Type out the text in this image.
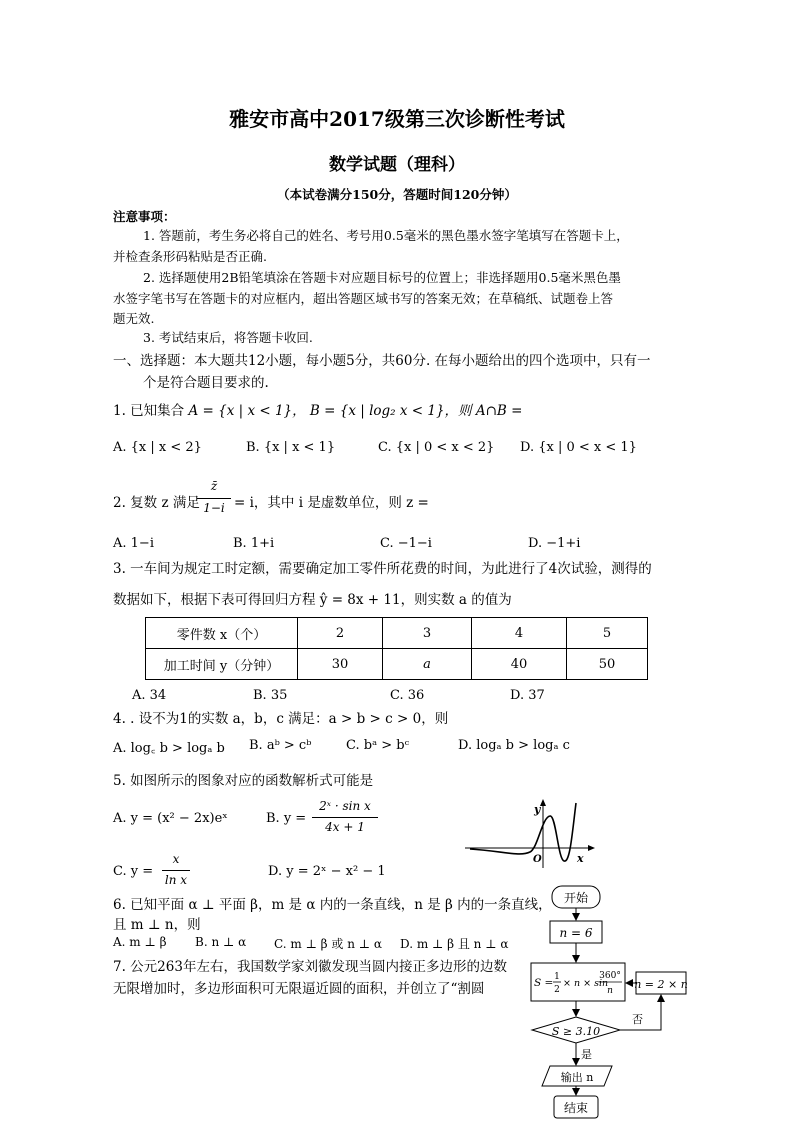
雅安市高中2017级第三次诊断性考试
数学试题（理科）
（本试卷满分150分，答题时间120分钟）
注意事项：
1. 答题前，考生务必将自己的姓名、考号用0.5毫米的黑色墨水签字笔填写在答题卡上，
并检查条形码粘贴是否正确.
2. 选择题使用2B铅笔填涂在答题卡对应题目标号的位置上；非选择题用0.5毫米黑色墨
水签字笔书写在答题卡的对应框内，超出答题区域书写的答案无效；在草稿纸、试题卷上答
题无效.
3. 考试结束后，将答题卡收回.
一、选择题：本大题共12小题，每小题5分，共60分. 在每小题给出的四个选项中，只有一
个是符合题目要求的.
1. 已知集合 A = {x | x < 1}， B = {x | log₂ x < 1}，则 A∩B =
A. {x | x < 2}	B. {x | x < 1}	C. {x | 0 < x < 2} D. {x | 0 < x < 1}
2. 复数 z 满足
z̄
1−i = i，其中 i 是虚数单位，则 z =
A. 1−i	B. 1+i	C. −1−i	D. −1+i
3. 一车间为规定工时定额，需要确定加工零件所花费的时间，为此进行了4次试验，测得的
数据如下，根据下表可得回归方程 ŷ = 8x + 11，则实数 a 的值为
零件数 x（个）	2	3	4	5
加工时间 y（分钟）	30	a	40	50
A. 34	B. 35	C. 36	D. 37
4. . 设不为1的实数 a，b，c 满足：a > b > c > 0，则
A. log꜀ b > logₐ b B. aᵇ > cᵇ	C. bᵃ > bᶜ	D. logₐ b > logₐ c
5. 如图所示的图象对应的函数解析式可能是
A. y = (x² − 2x)eˣ	B. y =
2ˣ · sin x
4x + 1
C. y =
x
ln x
D. y = 2ˣ − x² − 1
y
x
O
6. 已知平面 α ⊥ 平面 β，m 是 α 内的一条直线，n 是 β 内的一条直线，
且 m ⊥ n，则
A. m ⊥ β B. n ⊥ α C. m ⊥ β 或 n ⊥ α D. m ⊥ β 且 n ⊥ α
7. 公元263年左右，我国数学家刘徽发现当圆内接正多边形的边数
无限增加时，多边形面积可无限逼近圆的面积，并创立了“割圆
开始
n = 6
S = 1
2
× n × sin
360°
n n = 2 × n
S ≥ 3.10
否
是
输出 n
结束
